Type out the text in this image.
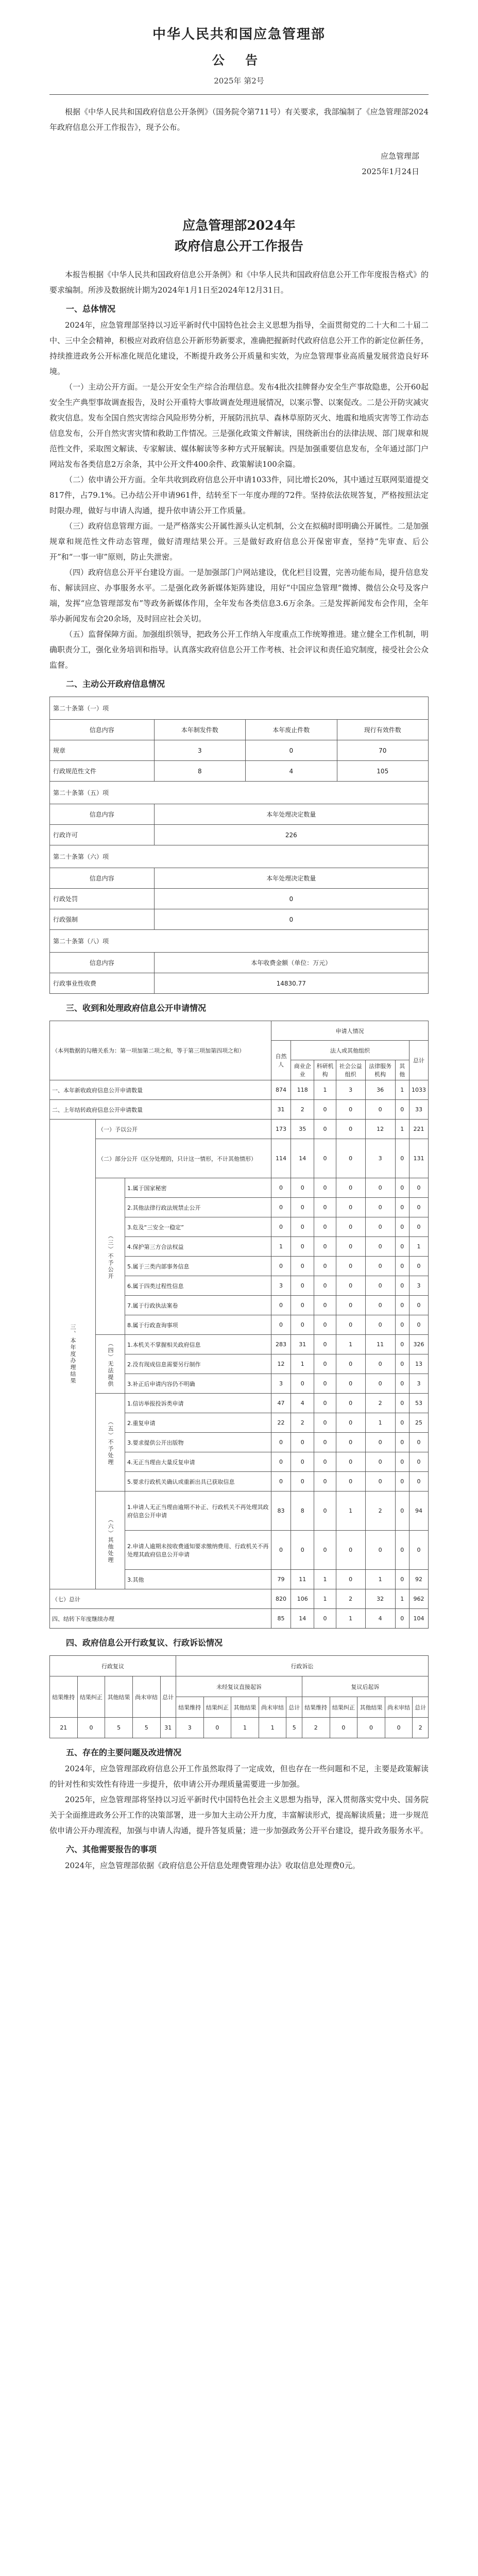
中华人民共和国应急管理部
公 告
2025年 第2号

根据《中华人民共和国政府信息公开条例》（国务院令第711号）有关要求，我部编制了《应急管理部2024年政府信息公开工作报告》，现予公布。

应急管理部
2025年1月24日
应急管理部2024年
政府信息公开工作报告

本报告根据《中华人民共和国政府信息公开条例》和《中华人民共和国政府信息公开工作年度报告格式》的要求编制。所涉及数据统计期为2024年1月1日至2024年12月31日。

一、总体情况

2024年，应急管理部坚持以习近平新时代中国特色社会主义思想为指导，全面贯彻党的二十大和二十届二中、三中全会精神，积极应对政府信息公开新形势新要求，准确把握新时代政府信息公开工作的新定位新任务，持续推进政务公开标准化规范化建设，不断提升政务公开质量和实效，为应急管理事业高质量发展营造良好环境。

（一）主动公开方面。一是公开安全生产综合治理信息。发布4批次挂牌督办安全生产事故隐患，公开60起安全生产典型事故调查报告，及时公开重特大事故调查处理进展情况，以案示警、以案促改。二是公开防灾减灾救灾信息。发布全国自然灾害综合风险形势分析，开展防汛抗旱、森林草原防灭火、地震和地质灾害等工作动态信息发布，公开自然灾害灾情和救助工作情况。三是强化政策文件解读，围绕新出台的法律法规、部门规章和规范性文件，采取图文解读、专家解读、媒体解读等多种方式开展解读。四是加强重要信息发布，全年通过部门户网站发布各类信息2万余条，其中公开文件400余件、政策解读100余篇。

（二）依申请公开方面。全年共收到政府信息公开申请1033件，同比增长20%，其中通过互联网渠道提交817件，占79.1%。已办结公开申请961件，结转至下一年度办理的72件。坚持依法依规答复，严格按照法定时限办理，做好与申请人沟通，提升依申请公开工作质量。

（三）政府信息管理方面。一是严格落实公开属性源头认定机制，公文在拟稿时即明确公开属性。二是加强规章和规范性文件动态管理，做好清理结果公开。三是做好政府信息公开保密审查，坚持“先审查、后公开”和“一事一审”原则，防止失泄密。

（四）政府信息公开平台建设方面。一是加强部门户网站建设，优化栏目设置，完善功能布局，提升信息发布、解读回应、办事服务水平。二是强化政务新媒体矩阵建设，用好“中国应急管理”微博、微信公众号及客户端，发挥“应急管理部发布”等政务新媒体作用，全年发布各类信息3.6万余条。三是发挥新闻发布会作用，全年举办新闻发布会20余场，及时回应社会关切。

（五）监督保障方面。加强组织领导，把政务公开工作纳入年度重点工作统筹推进。建立健全工作机制，明确职责分工，强化业务培训和指导。认真落实政府信息公开工作考核、社会评议和责任追究制度，接受社会公众监督。

二、主动公开政府信息情况
第二十条第（一）项			
信息内容	本年制发件数	本年废止件数	现行有效件数
规章	3	0	70
行政规范性文件	8	4	105
第二十条第（五）项			
信息内容	本年处理决定数量		
行政许可	226		
第二十条第（六）项			
信息内容	本年处理决定数量		
行政处罚	0		
行政强制	0		
第二十条第（八）项			
信息内容	本年收费金额（单位：万元）		
行政事业性收费	14830.77		
三、收到和处理政府信息公开申请情况
（本列数据的勾稽关系为：第一项加第二项之和，等于第三项加第四项之和）			申请人情况						
			自然人	法人或其他组织					总计
				商业企业	科研机构	社会公益组织	法律服务机构	其他	
一、本年新收政府信息公开申请数量			874	118	1	3	36	1	1033
二、上年结转政府信息公开申请数量			31	2	0	0	0	0	33
三、本年度办理结果	（一）予以公开		173	35	0	0	12	1	221
	（二）部分公开（区分处理的，只计这一情形，不计其他情形）		114	14	0	0	3	0	131
	（三）不予公开	1.属于国家秘密	0	0	0	0	0	0	0
		2.其他法律行政法规禁止公开	0	0	0	0	0	0	0
		3.危及“三安全一稳定”	0	0	0	0	0	0	0
		4.保护第三方合法权益	1	0	0	0	0	0	1
		5.属于三类内部事务信息	0	0	0	0	0	0	0
		6.属于四类过程性信息	3	0	0	0	0	0	3
		7.属于行政执法案卷	0	0	0	0	0	0	0
		8.属于行政查询事项	0	0	0	0	0	0	0
	（四）无法提供	1.本机关不掌握相关政府信息	283	31	0	1	11	0	326
		2.没有现成信息需要另行制作	12	1	0	0	0	0	13
		3.补正后申请内容仍不明确	3	0	0	0	0	0	3
	（五）不予处理	1.信访举报投诉类申请	47	4	0	0	2	0	53
		2.重复申请	22	2	0	0	1	0	25
		3.要求提供公开出版物	0	0	0	0	0	0	0
		4.无正当理由大量反复申请	0	0	0	0	0	0	0
		5.要求行政机关确认或重新出具已获取信息	0	0	0	0	0	0	0
	（六）其他处理	1.申请人无正当理由逾期不补正、行政机关不再处理其政府信息公开申请	83	8	0	1	2	0	94
		2.申请人逾期未按收费通知要求缴纳费用、行政机关不再处理其政府信息公开申请	0	0	0	0	0	0	0
		3.其他	79	11	1	0	1	0	92
（七）总计			820	106	1	2	32	1	962
四、结转下年度继续办理			85	14	0	1	4	0	104
四、政府信息公开行政复议、行政诉讼情况
行政复议					行政诉讼									
结果维持	结果纠正	其他结果	尚未审结	总计	未经复议直接起诉					复议后起诉				
					结果维持	结果纠正	其他结果	尚未审结	总计	结果维持	结果纠正	其他结果	尚未审结	总计
21	0	5	5	31	3	0	1	1	5	2	0	0	0	2
五、存在的主要问题及改进情况

2024年，应急管理部政府信息公开工作虽然取得了一定成效，但也存在一些问题和不足，主要是政策解读的针对性和实效性有待进一步提升，依申请公开办理质量需要进一步加强。

2025年，应急管理部将坚持以习近平新时代中国特色社会主义思想为指导，深入贯彻落实党中央、国务院关于全面推进政务公开工作的决策部署，进一步加大主动公开力度，丰富解读形式，提高解读质量；进一步规范依申请公开办理流程，加强与申请人沟通，提升答复质量；进一步加强政务公开平台建设，提升政务服务水平。

六、其他需要报告的事项

2024年，应急管理部依据《政府信息公开信息处理费管理办法》收取信息处理费0元。
